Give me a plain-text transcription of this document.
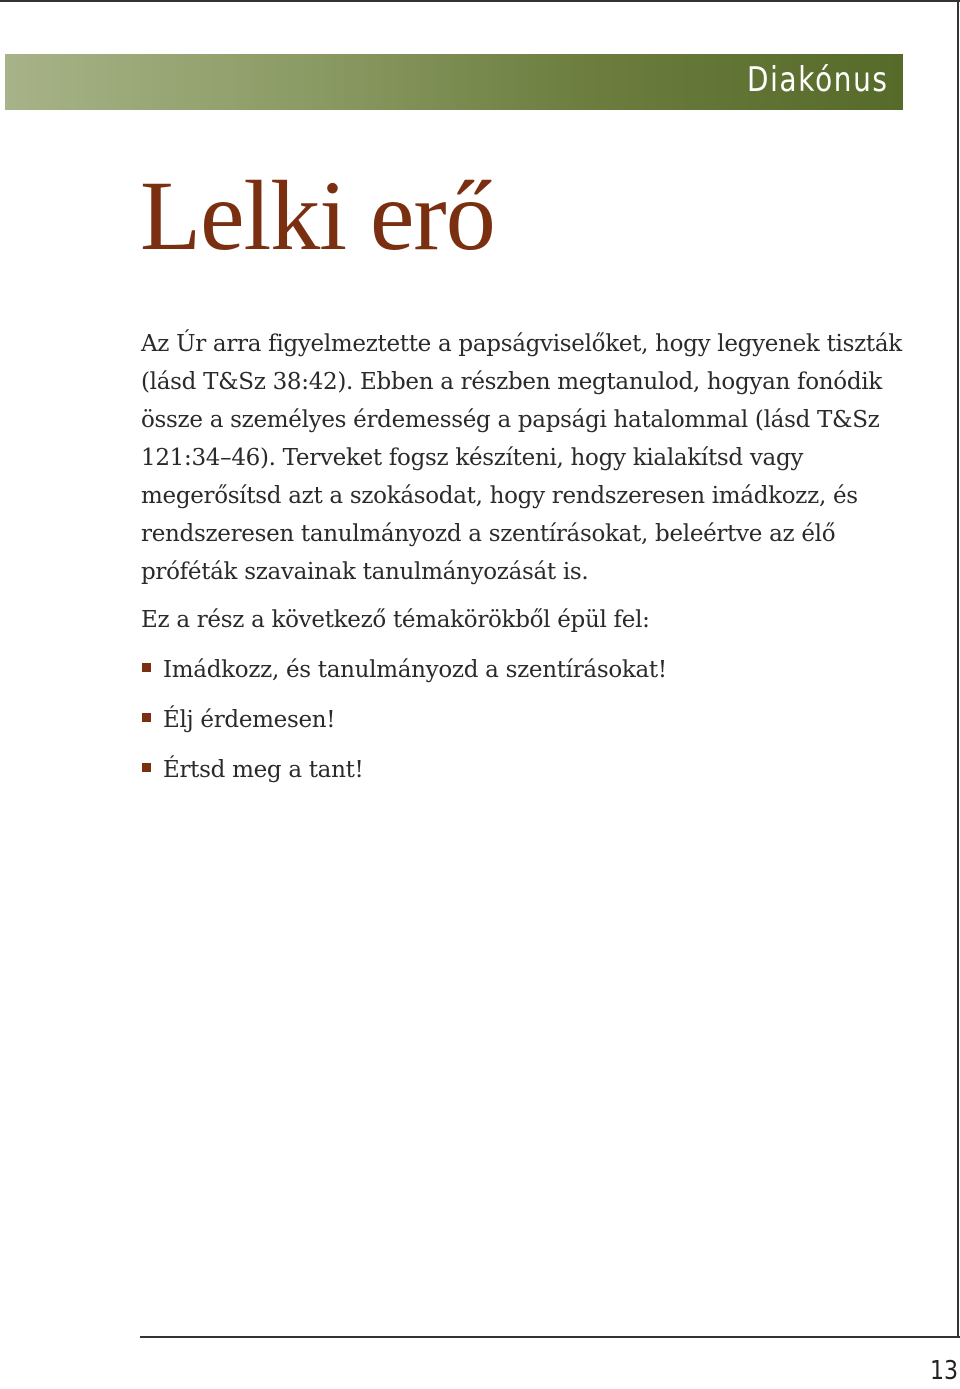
Diakónus
Lelki erő

Az Úr arra figyelmeztette a papságviselőket, hogy legyenek tiszták (lásd T&Sz 38:42). Ebben a részben megtanulod, hogyan fonódik össze a személyes érdemesség a papsági hatalommal (lásd T&Sz 121:34–46). Terveket fogsz készíteni, hogy kialakítsd vagy megerősítsd azt a szokásodat, hogy rendszeresen imádkozz, és rendszeresen tanulmányozd a szentírásokat, beleértve az élő próféták szavainak tanulmányozását is.

Ez a rész a következő témakörökből épül fel:

Imádkozz, és tanulmányozd a szentírásokat!
Élj érdemesen!
Értsd meg a tant!
13
